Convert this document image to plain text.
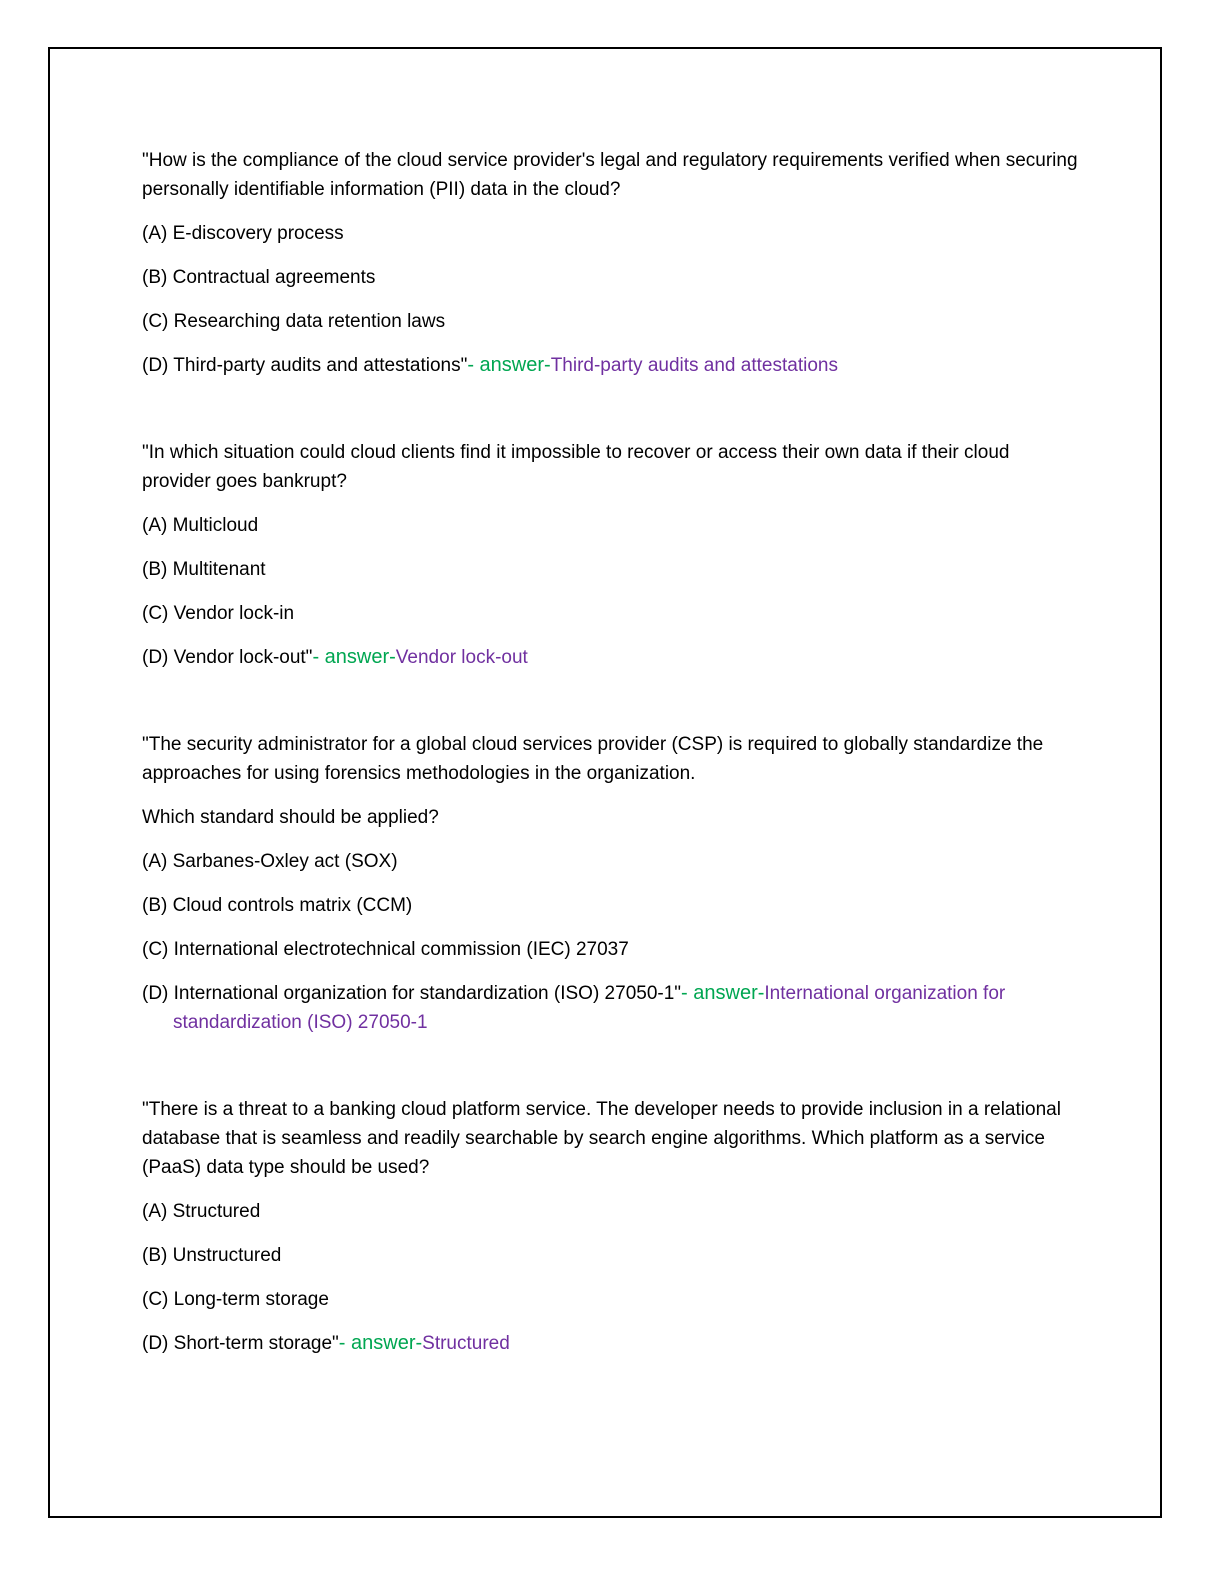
"How is the compliance of the cloud service provider's legal and regulatory requirements verified when securing personally identifiable information (PII) data in the cloud?

(A) E-discovery process

(B) Contractual agreements

(C) Researching data retention laws

(D) Third-party audits and attestations"- answer-Third-party audits and attestations

"In which situation could cloud clients find it impossible to recover or access their own data if their cloud provider goes bankrupt?

(A) Multicloud

(B) Multitenant

(C) Vendor lock-in

(D) Vendor lock-out"- answer-Vendor lock-out

"The security administrator for a global cloud services provider (CSP) is required to globally standardize the approaches for using forensics methodologies in the organization.

Which standard should be applied?

(A) Sarbanes-Oxley act (SOX)

(B) Cloud controls matrix (CCM)

(C) International electrotechnical commission (IEC) 27037

(D) International organization for standardization (ISO) 27050-1"- answer-International organization for standardization (ISO) 27050-1

"There is a threat to a banking cloud platform service. The developer needs to provide inclusion in a relational database that is seamless and readily searchable by search engine algorithms. Which platform as a service (PaaS) data type should be used?

(A) Structured

(B) Unstructured

(C) Long-term storage

(D) Short-term storage"- answer-Structured
